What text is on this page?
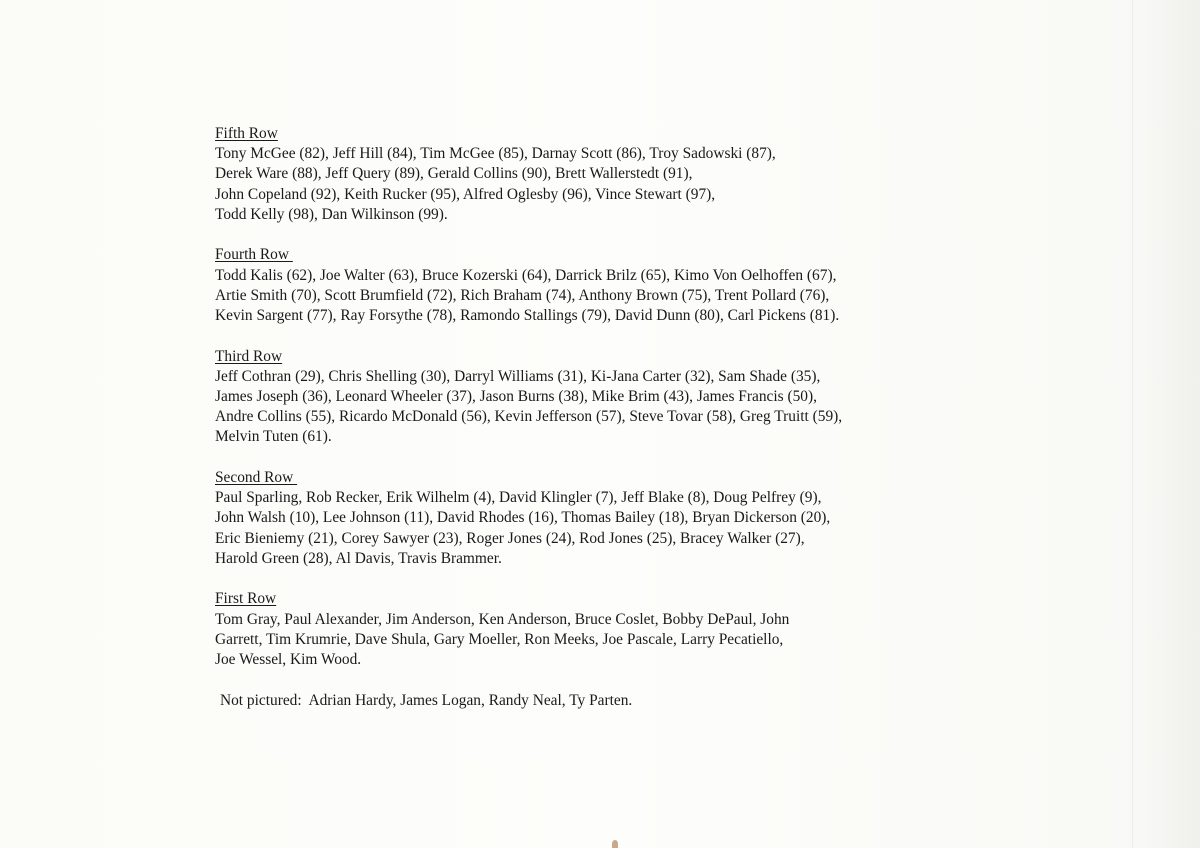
Fifth Row
Tony McGee (82), Jeff Hill (84), Tim McGee (85), Darnay Scott (86), Troy Sadowski (87),
Derek Ware (88), Jeff Query (89), Gerald Collins (90), Brett Wallerstedt (91),
John Copeland (92), Keith Rucker (95), Alfred Oglesby (96), Vince Stewart (97),
Todd Kelly (98), Dan Wilkinson (99).
Fourth Row
Todd Kalis (62), Joe Walter (63), Bruce Kozerski (64), Darrick Brilz (65), Kimo Von Oelhoffen (67),
Artie Smith (70), Scott Brumfield (72), Rich Braham (74), Anthony Brown (75), Trent Pollard (76),
Kevin Sargent (77), Ray Forsythe (78), Ramondo Stallings (79), David Dunn (80), Carl Pickens (81).
Third Row
Jeff Cothran (29), Chris Shelling (30), Darryl Williams (31), Ki-Jana Carter (32), Sam Shade (35),
James Joseph (36), Leonard Wheeler (37), Jason Burns (38), Mike Brim (43), James Francis (50),
Andre Collins (55), Ricardo McDonald (56), Kevin Jefferson (57), Steve Tovar (58), Greg Truitt (59),
Melvin Tuten (61).
Second Row
Paul Sparling, Rob Recker, Erik Wilhelm (4), David Klingler (7), Jeff Blake (8), Doug Pelfrey (9),
John Walsh (10), Lee Johnson (11), David Rhodes (16), Thomas Bailey (18), Bryan Dickerson (20),
Eric Bieniemy (21), Corey Sawyer (23), Roger Jones (24), Rod Jones (25), Bracey Walker (27),
Harold Green (28), Al Davis, Travis Brammer.
First Row
Tom Gray, Paul Alexander, Jim Anderson, Ken Anderson, Bruce Coslet, Bobby DePaul, John
Garrett, Tim Krumrie, Dave Shula, Gary Moeller, Ron Meeks, Joe Pascale, Larry Pecatiello,
Joe Wessel, Kim Wood.
Not pictured:  Adrian Hardy, James Logan, Randy Neal, Ty Parten.
